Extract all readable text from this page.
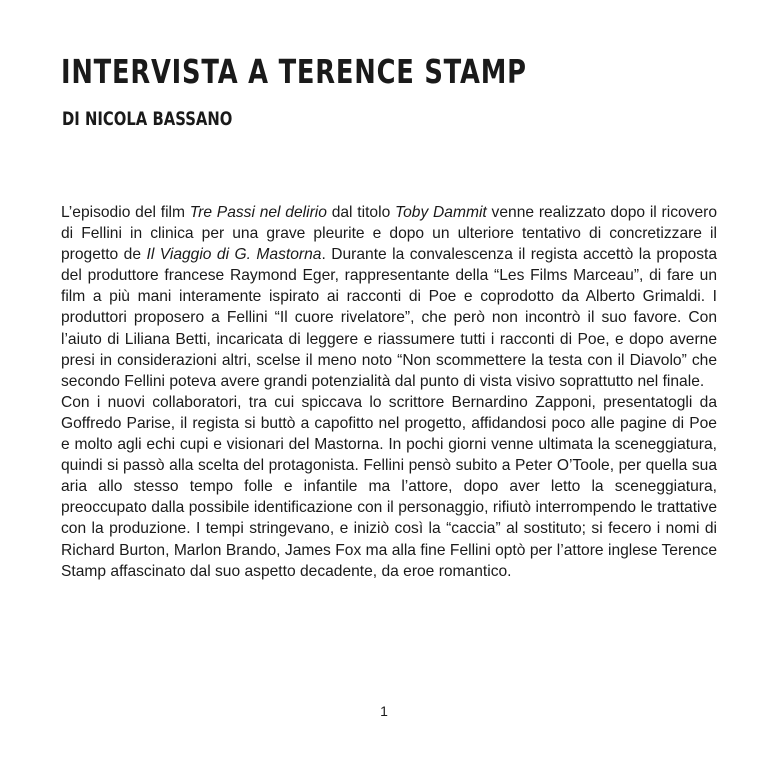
INTERVISTA A TERENCE STAMP
DI NICOLA BASSANO

L’episodio del film Tre Passi nel delirio dal titolo Toby Dammit venne realizzato dopo il ricovero di Fellini in clinica per una grave pleurite e dopo un ulteriore tentativo di concretizzare il progetto de Il Viaggio di G. Mastorna. Durante la convalescenza il regista accettò la proposta del produttore francese Raymond Eger, rappresentante della “Les Films Marceau”, di fare un film a più mani interamente ispirato ai racconti di Poe e coprodotto da Alberto Grimaldi. I produttori proposero a Fellini “Il cuore rivelatore”, che però non incontrò il suo favore. Con l’aiuto di Liliana Betti, incaricata di leggere e riassumere tutti i racconti di Poe, e dopo averne presi in considerazioni altri, scelse il meno noto “Non scommettere la testa con il Diavolo” che secondo Fellini poteva avere grandi potenzialità dal punto di vista visivo soprattutto nel finale.

Con i nuovi collaboratori, tra cui spiccava lo scrittore Bernardino Zapponi, presentatogli da Goffredo Parise, il regista si buttò a capofitto nel progetto, affidandosi poco alle pagine di Poe e molto agli echi cupi e visionari del Mastorna. In pochi giorni venne ultimata la sceneggiatura, quindi si passò alla scelta del protagonista. Fellini pensò subito a Peter O’Toole, per quella sua aria allo stesso tempo folle e infantile ma l’attore, dopo aver letto la sceneggiatura, preoccupato dalla possibile identificazione con il personaggio, rifiutò interrompendo le trattative con la produzione. I tempi stringevano, e iniziò così la “caccia” al sostituto; si fecero i nomi di Richard Burton, Marlon Brando, James Fox ma alla fine Fellini optò per l’attore inglese Terence Stamp affascinato dal suo aspetto decadente, da eroe romantico.

1
